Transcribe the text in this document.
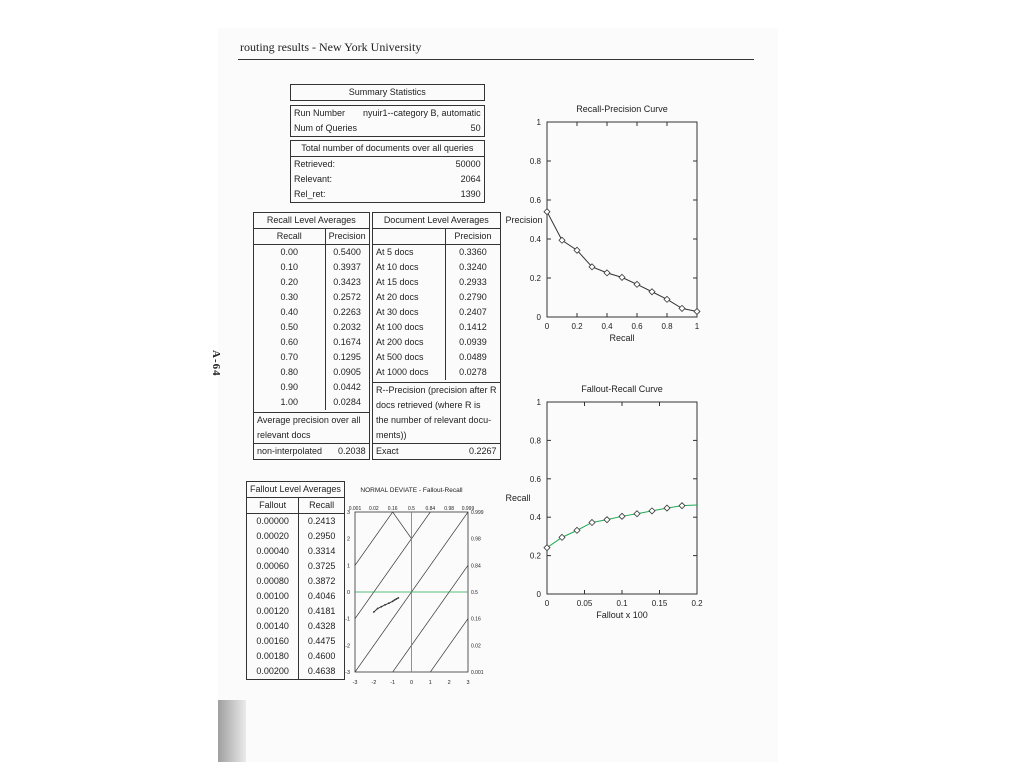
routing results - New York University
A-64
Summary Statistics	

Run Number	nyuir1--category B, automatic
Num of Queries	50

Total number of documents over all queries	
Retrieved:	50000
Relevant:	2064
Rel_ret:	1390
Recall Level Averages	
Recall	Precision
0.00	0.5400
0.10	0.3937
0.20	0.3423
0.30	0.2572
0.40	0.2263
0.50	0.2032
0.60	0.1674
0.70	0.1295
0.80	0.0905
0.90	0.0442
1.00	0.0284

Average precision over all	
relevant docs	
non-interpolated	0.2038
Document Level Averages	
	Precision
At 5 docs	0.3360
At 10 docs	0.3240
At 15 docs	0.2933
At 20 docs	0.2790
At 30 docs	0.2407
At 100 docs	0.1412
At 200 docs	0.0939
At 500 docs	0.0489
At 1000 docs	0.0278

R--Precision (precision after R	
docs retrieved (where R is	
the number of relevant docu-	
ments))	
Exact	0.2267
Fallout Level Averages	
Fallout	Recall
0.00000	0.2413
0.00020	0.2950
0.00040	0.3314
0.00060	0.3725
0.00080	0.3872
0.00100	0.4046
0.00120	0.4181
0.00140	0.4328
0.00160	0.4475
0.00180	0.4600
0.00200	0.4638
Recall-Precision Curve
0	0.2 0.4 0.6 0.8	1
0
0.2
0.4
0.6
0.8
1
Recall
Precision
Fallout-Recall Curve
0	0.05	0.1	0.15	0.2
0
0.2
0.4
0.6
0.8
1
Fallout x 100
Recall
NORMAL DEVIATE - Fallout-Recall
-3	-2	-1	0	1	2	3
-3
-2
-1
0
1
2
3
0.001 0.02 0.16 0.5 0.84 0.98 0.999
0.001
0.02
0.16
0.5
0.84
0.98
0.999
